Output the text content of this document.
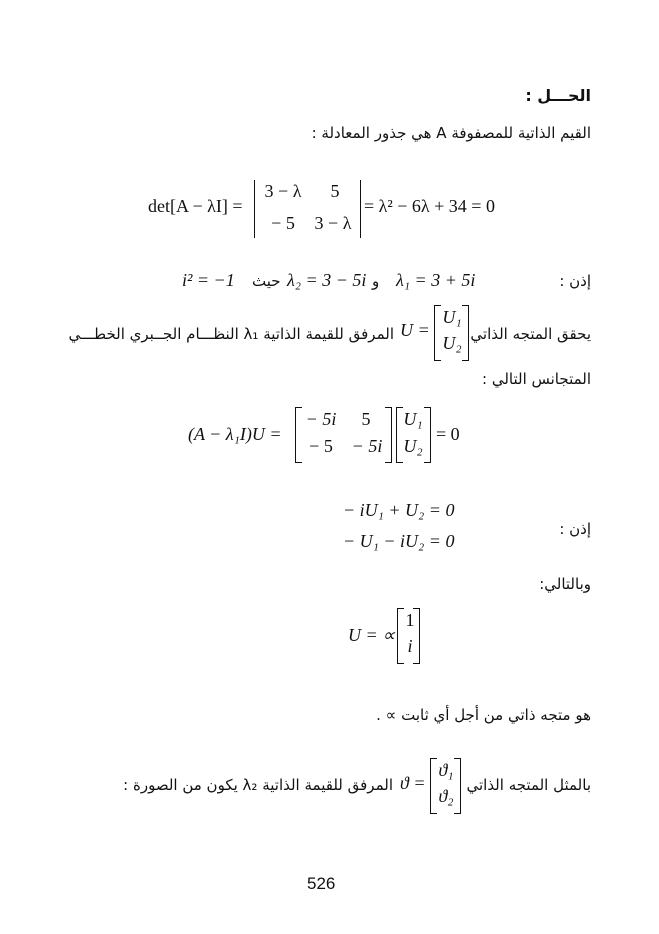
الحـــل :
القيم الذاتية للمصفوفة A هي جذور المعادلة :
det[A − λI] =
3 − λ	5
− 5	3 − λ
= λ² − 6λ + 34 = 0
إذن :
λ₁ = 3 + 5i
و
λ₂ = 3 − 5i
حيث
i² = −1
يحقق المتجه الذاتي
U₁
U₂
U =
المرفق للقيمة الذاتية λ₁ النظـــام الجــبري الخطـــي
المتجانس التالي :
(A − λ₁I)U =
− 5i	5
− 5	− 5i
U₁
U₂
= 0
− iU₁ + U₂ = 0
− U₁ − iU₂ = 0
إذن :
وبالتالي:
U = ∝
1
i
هو متجه ذاتي من أجل أي ثابت ∝ .
بالمثل المتجه الذاتي
ϑ₁
ϑ₂
ϑ =
المرفق للقيمة الذاتية λ₂ يكون من الصورة :
526
